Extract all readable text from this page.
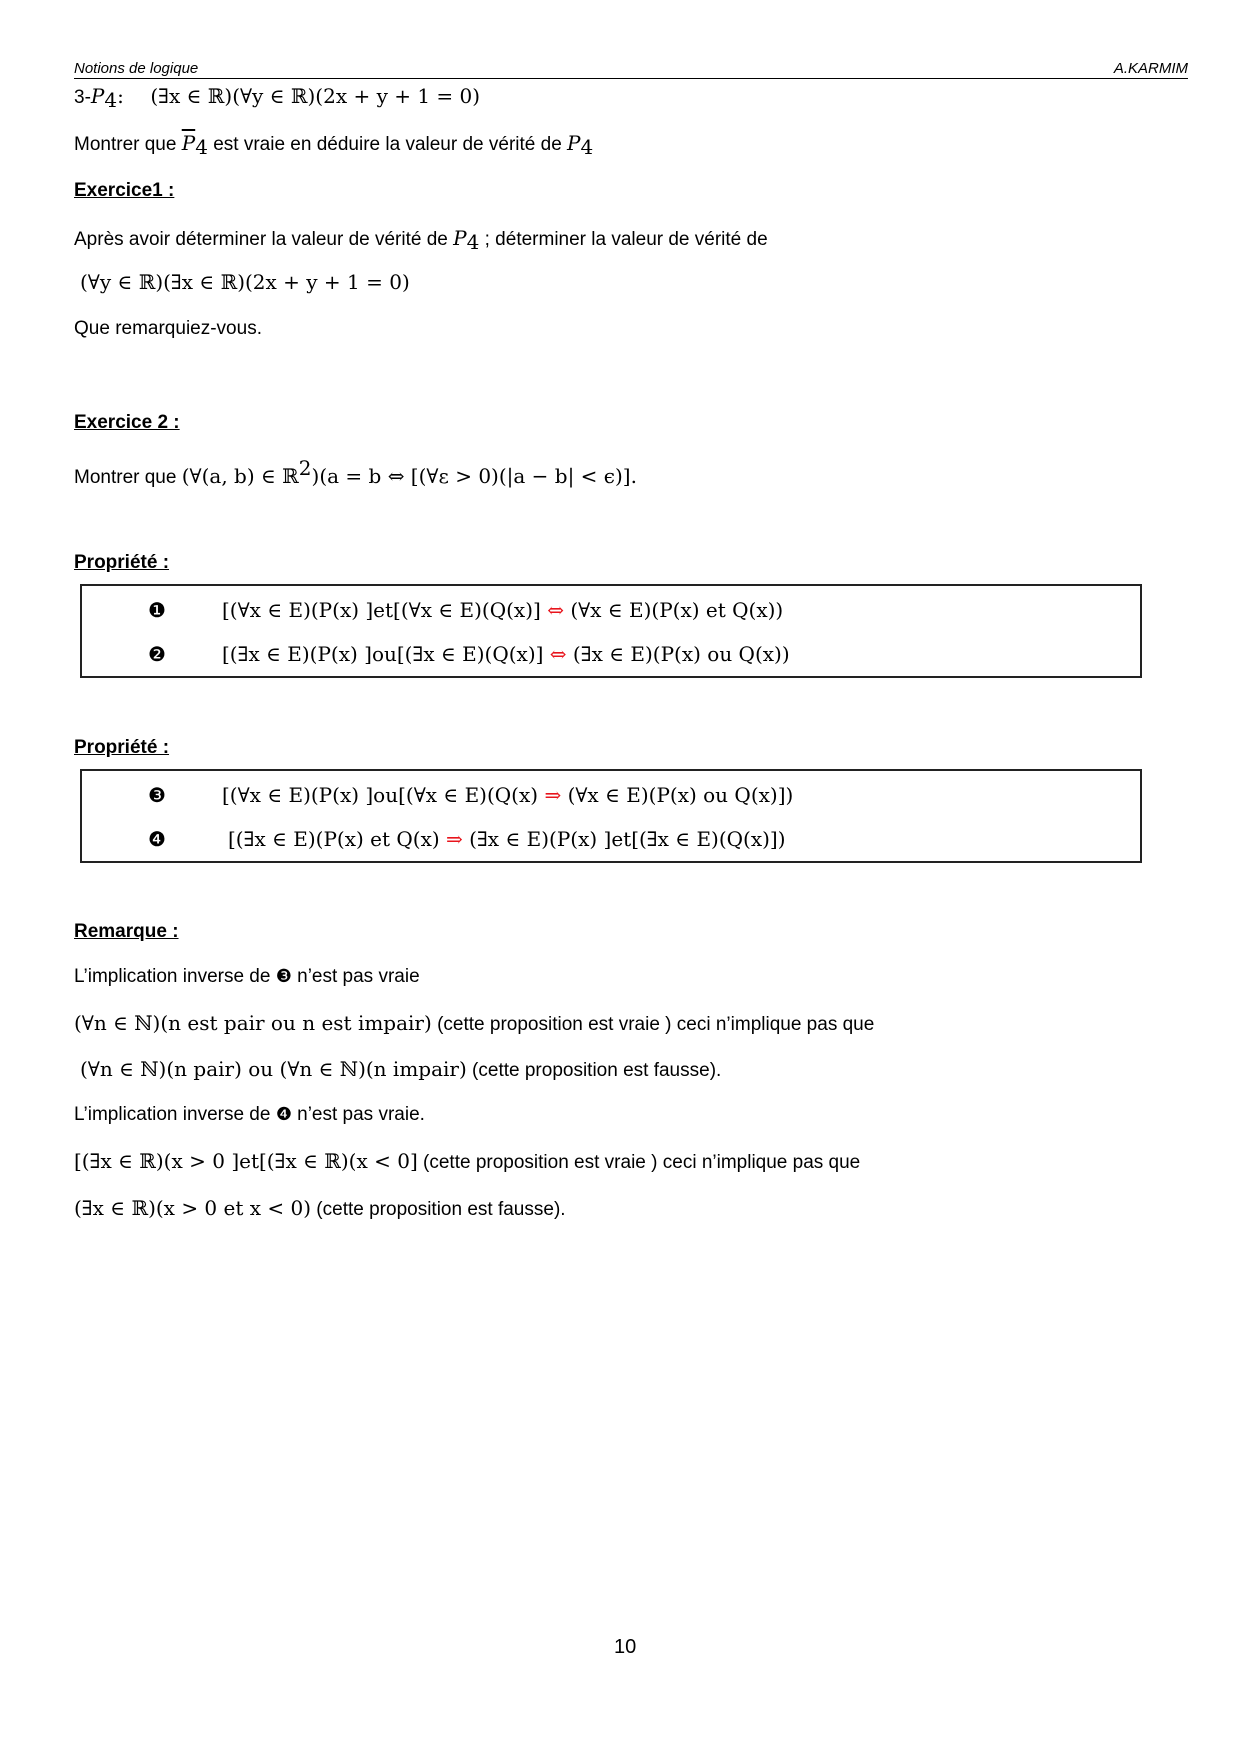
Notions de logique	A.KARMIM
$3-P_4$: (∃x ∈ ℝ)(∀y ∈ ℝ)(2x + y + 1 = 0)
Montrer que $\overline{P}_4$ est vraie en déduire la valeur de vérité de $P_4$
Exercice1 :
Après avoir déterminer la valeur de vérité de $P_4$ ; déterminer la valeur de vérité de
(∀y ∈ ℝ)(∃x ∈ ℝ)(2x + y + 1 = 0)
Que remarquiez-vous.
Exercice 2 :
Montrer que (∀(a, b) ∈ ℝ$^2$)(a = b ⇔ [(∀ε > 0)(|a − b| < ϵ)].
Propriété :
❶	[(∀x ∈ E)(P(x) ]et[(∀x ∈ E)(Q(x)] ⇔ (∀x ∈ E)(P(x) et Q(x))
❷	[(∃x ∈ E)(P(x) ]ou[(∃x ∈ E)(Q(x)] ⇔ (∃x ∈ E)(P(x) ou Q(x))
Propriété :
❸	[(∀x ∈ E)(P(x) ]ou[(∀x ∈ E)(Q(x) ⇒ (∀x ∈ E)(P(x) ou Q(x)])
❹	[(∃x ∈ E)(P(x) et Q(x) ⇒ (∃x ∈ E)(P(x) ]et[(∃x ∈ E)(Q(x)])
Remarque :
L’implication inverse de ❸ n’est pas vraie
(∀n ∈ ℕ)(n est pair ou n est impair) (cette proposition est vraie ) ceci n’implique pas que
(∀n ∈ ℕ)(n pair) ou (∀n ∈ ℕ)(n impair) (cette proposition est fausse).
L’implication inverse de ❹ n’est pas vraie.
[(∃x ∈ ℝ)(x > 0 ]et[(∃x ∈ ℝ)(x < 0] (cette proposition est vraie ) ceci n’implique pas que
(∃x ∈ ℝ)(x > 0 et x < 0) (cette proposition est fausse).
10
